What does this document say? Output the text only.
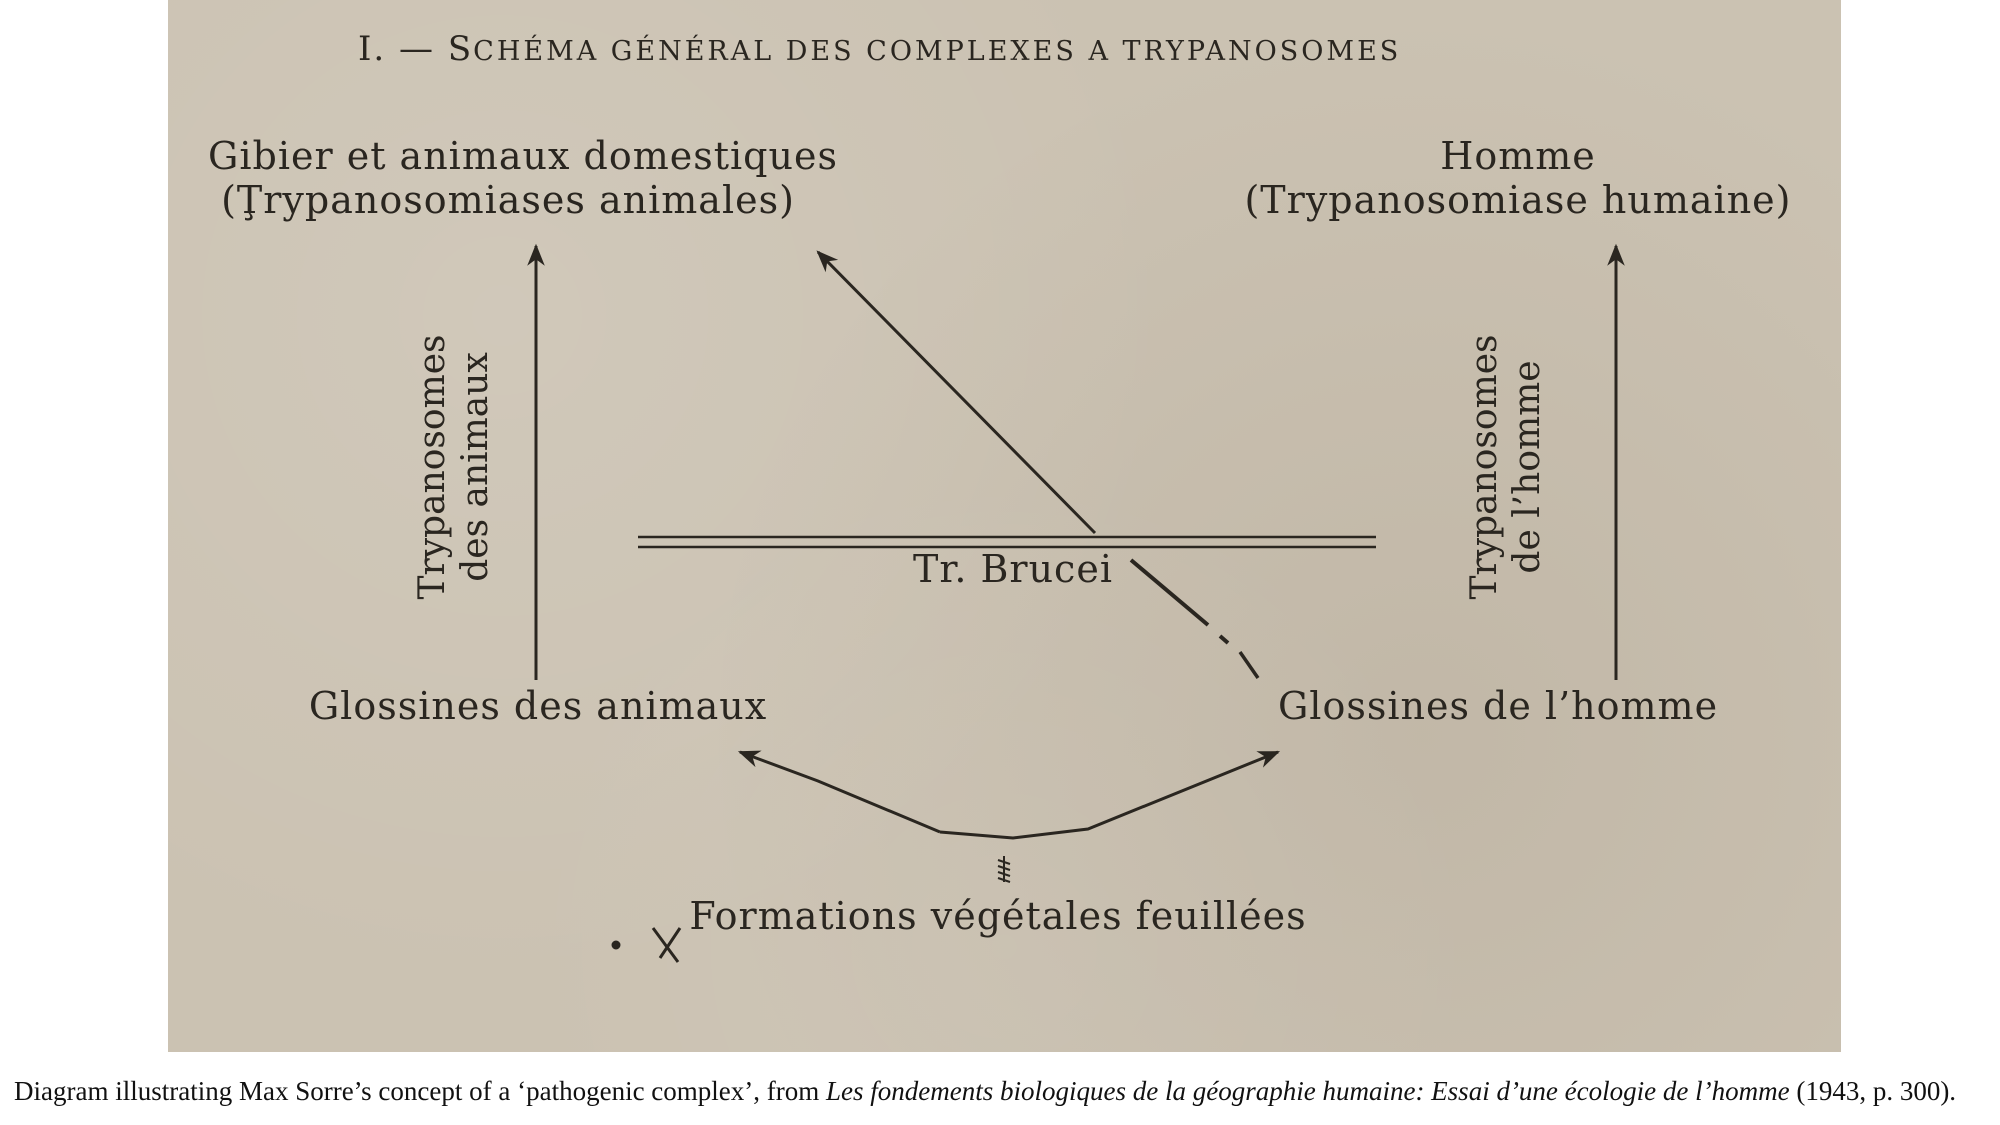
I. — SCHÉMA GÉNÉRAL DES COMPLEXES A TRYPANOSOMES
Gibier et animaux domestiques
(Ţrypanosomiases animales)
Homme
(Trypanosomiase humaine)
Tr. Brucei
Glossines des animaux	Glossines de l’homme
Formations végétales feuillées
Trypanosomes des animaux	Trypanosomes de l’homme
Diagram illustrating Max Sorre’s concept of a ‘pathogenic complex’, from Les fondements biologiques de la géographie humaine: Essai d’une écologie de l’homme (1943, p. 300).
